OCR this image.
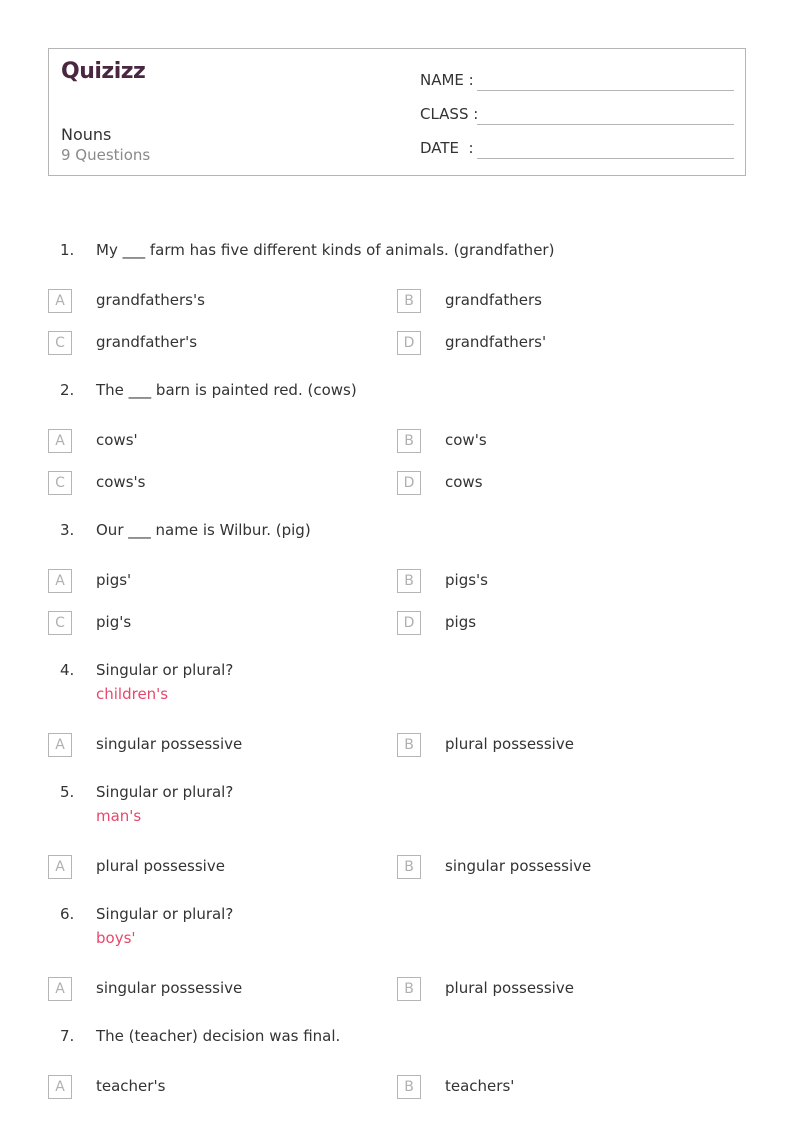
Quizizz
Nouns
9 Questions
NAME :
CLASS :
DATE  :
1. My ___ farm has five different kinds of animals. (grandfather)
A	grandfathers's	B	grandfathers
C	grandfather's	D	grandfathers'
2. The ___ barn is painted red. (cows)
A	cows'	B	cow's
C	cows's	D	cows
3. Our ___ name is Wilbur. (pig)
A	pigs'	B	pigs's
C	pig's	D	pigs
4. Singular or plural?
children's
A	singular possessive	B	plural possessive
5. Singular or plural?
man's
A	plural possessive	B	singular possessive
6. Singular or plural?
boys'
A	singular possessive	B	plural possessive
7. The (teacher) decision was final.
A	teacher's	B	teachers'
